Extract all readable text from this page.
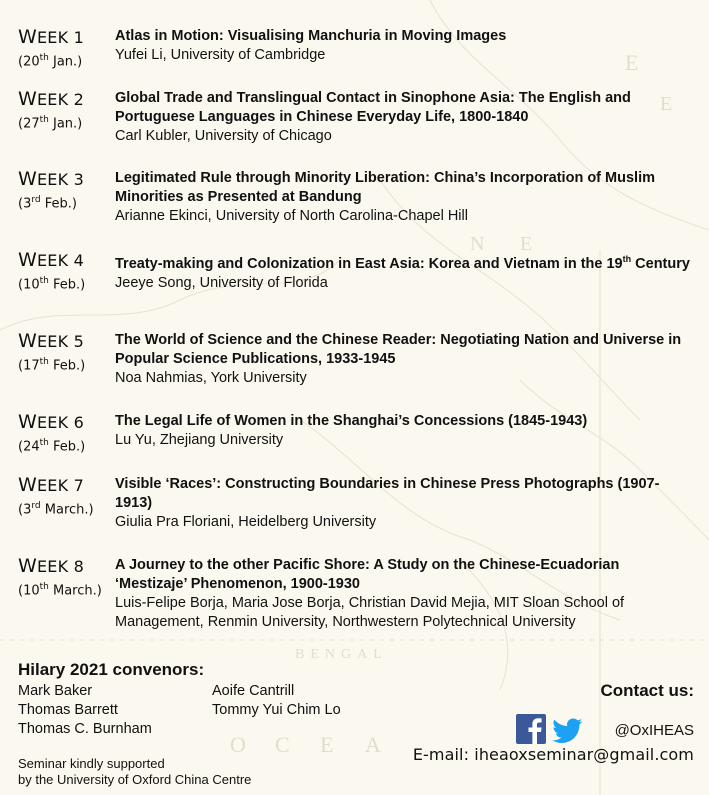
E
E
N E
O C E A
BENGAL
WEEK 1
(20th Jan.)
Atlas in Motion: Visualising Manchuria in Moving Images
Yufei Li, University of Cambridge
WEEK 2
(27th Jan.)
Global Trade and Translingual Contact in Sinophone Asia: The English and Portuguese Languages in Chinese Everyday Life, 1800-1840
Carl Kubler, University of Chicago
WEEK 3
(3rd Feb.)
Legitimated Rule through Minority Liberation: China’s Incorporation of Muslim Minorities as Presented at Bandung
Arianne Ekinci, University of North Carolina-Chapel Hill
WEEK 4
(10th Feb.)
Treaty-making and Colonization in East Asia: Korea and Vietnam in the 19th Century
Jeeye Song, University of Florida
WEEK 5
(17th Feb.)
The World of Science and the Chinese Reader: Negotiating Nation and Universe in Popular Science Publications, 1933-1945
Noa Nahmias, York University
WEEK 6
(24th Feb.)
The Legal Life of Women in the Shanghai’s Concessions (1845-1943)
Lu Yu, Zhejiang University
WEEK 7
(3rd March.)
Visible ‘Races’: Constructing Boundaries in Chinese Press Photographs (1907-1913)
Giulia Pra Floriani, Heidelberg University
WEEK 8
(10th March.)
A Journey to the other Pacific Shore: A Study on the Chinese-Ecuadorian ‘Mestizaje’ Phenomenon, 1900-1930
Luis-Felipe Borja, Maria Jose Borja, Christian David Mejia, MIT Sloan School of Management, Renmin University, Northwestern Polytechnical University
Hilary 2021 convenors:
Mark Baker
Thomas Barrett
Thomas C. Burnham
Aoife Cantrill
Tommy Yui Chim Lo
Seminar kindly supported
by the University of Oxford China Centre
Contact us:
@OxIHEAS
E-mail: iheaoxseminar@gmail.com
